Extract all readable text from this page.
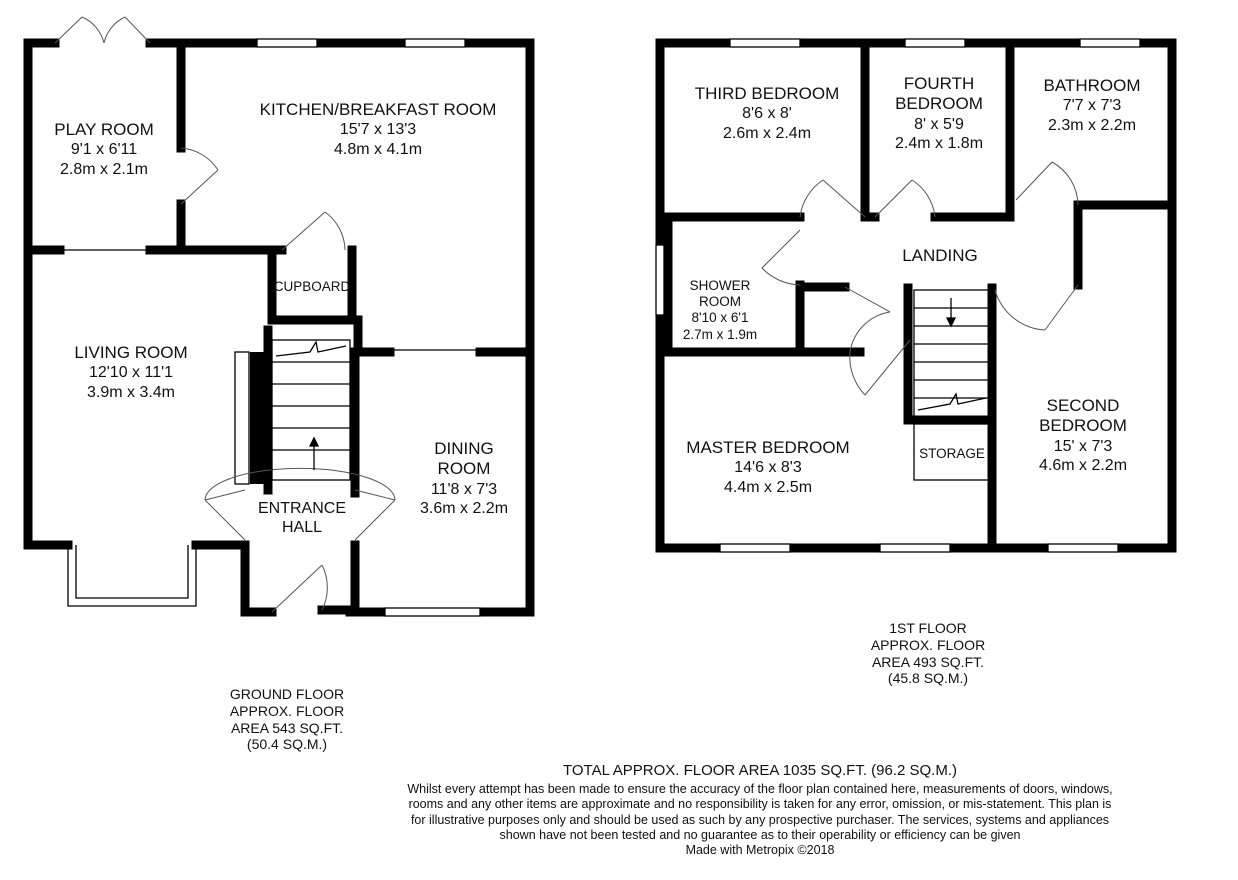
PLAY ROOM
9'1 x 6'11
2.8m x 2.1m
KITCHEN/BREAKFAST ROOM
15'7 x 13'3
4.8m x 4.1m
CUPBOARD
LIVING ROOM
12'10 x 11'1
3.9m x 3.4m
DINING
ROOM
11'8 x 7'3
3.6m x 2.2m
ENTRANCE
HALL
GROUND FLOOR
APPROX. FLOOR
AREA 543 SQ.FT.
(50.4 SQ.M.)
THIRD BEDROOM
8'6 x 8'
2.6m x 2.4m
FOURTH
BEDROOM
8' x 5'9
2.4m x 1.8m
BATHROOM
7'7 x 7'3
2.3m x 2.2m
LANDING
SHOWER
ROOM
8'10 x 6'1
2.7m x 1.9m
MASTER BEDROOM
14'6 x 8'3
4.4m x 2.5m
STORAGE
SECOND
BEDROOM
15' x 7'3
4.6m x 2.2m
1ST FLOOR
APPROX. FLOOR
AREA 493 SQ.FT.
(45.8 SQ.M.)
TOTAL APPROX. FLOOR AREA 1035 SQ.FT. (96.2 SQ.M.)
Whilst every attempt has been made to ensure the accuracy of the floor plan contained here, measurements of doors, windows, rooms and any other items are approximate and no responsibility is taken for any error, omission, or mis-statement. This plan is for illustrative purposes only and should be used as such by any prospective purchaser. The services, systems and appliances shown have not been tested and no guarantee as to their operability or efficiency can be given
Made with Metropix ©2018
